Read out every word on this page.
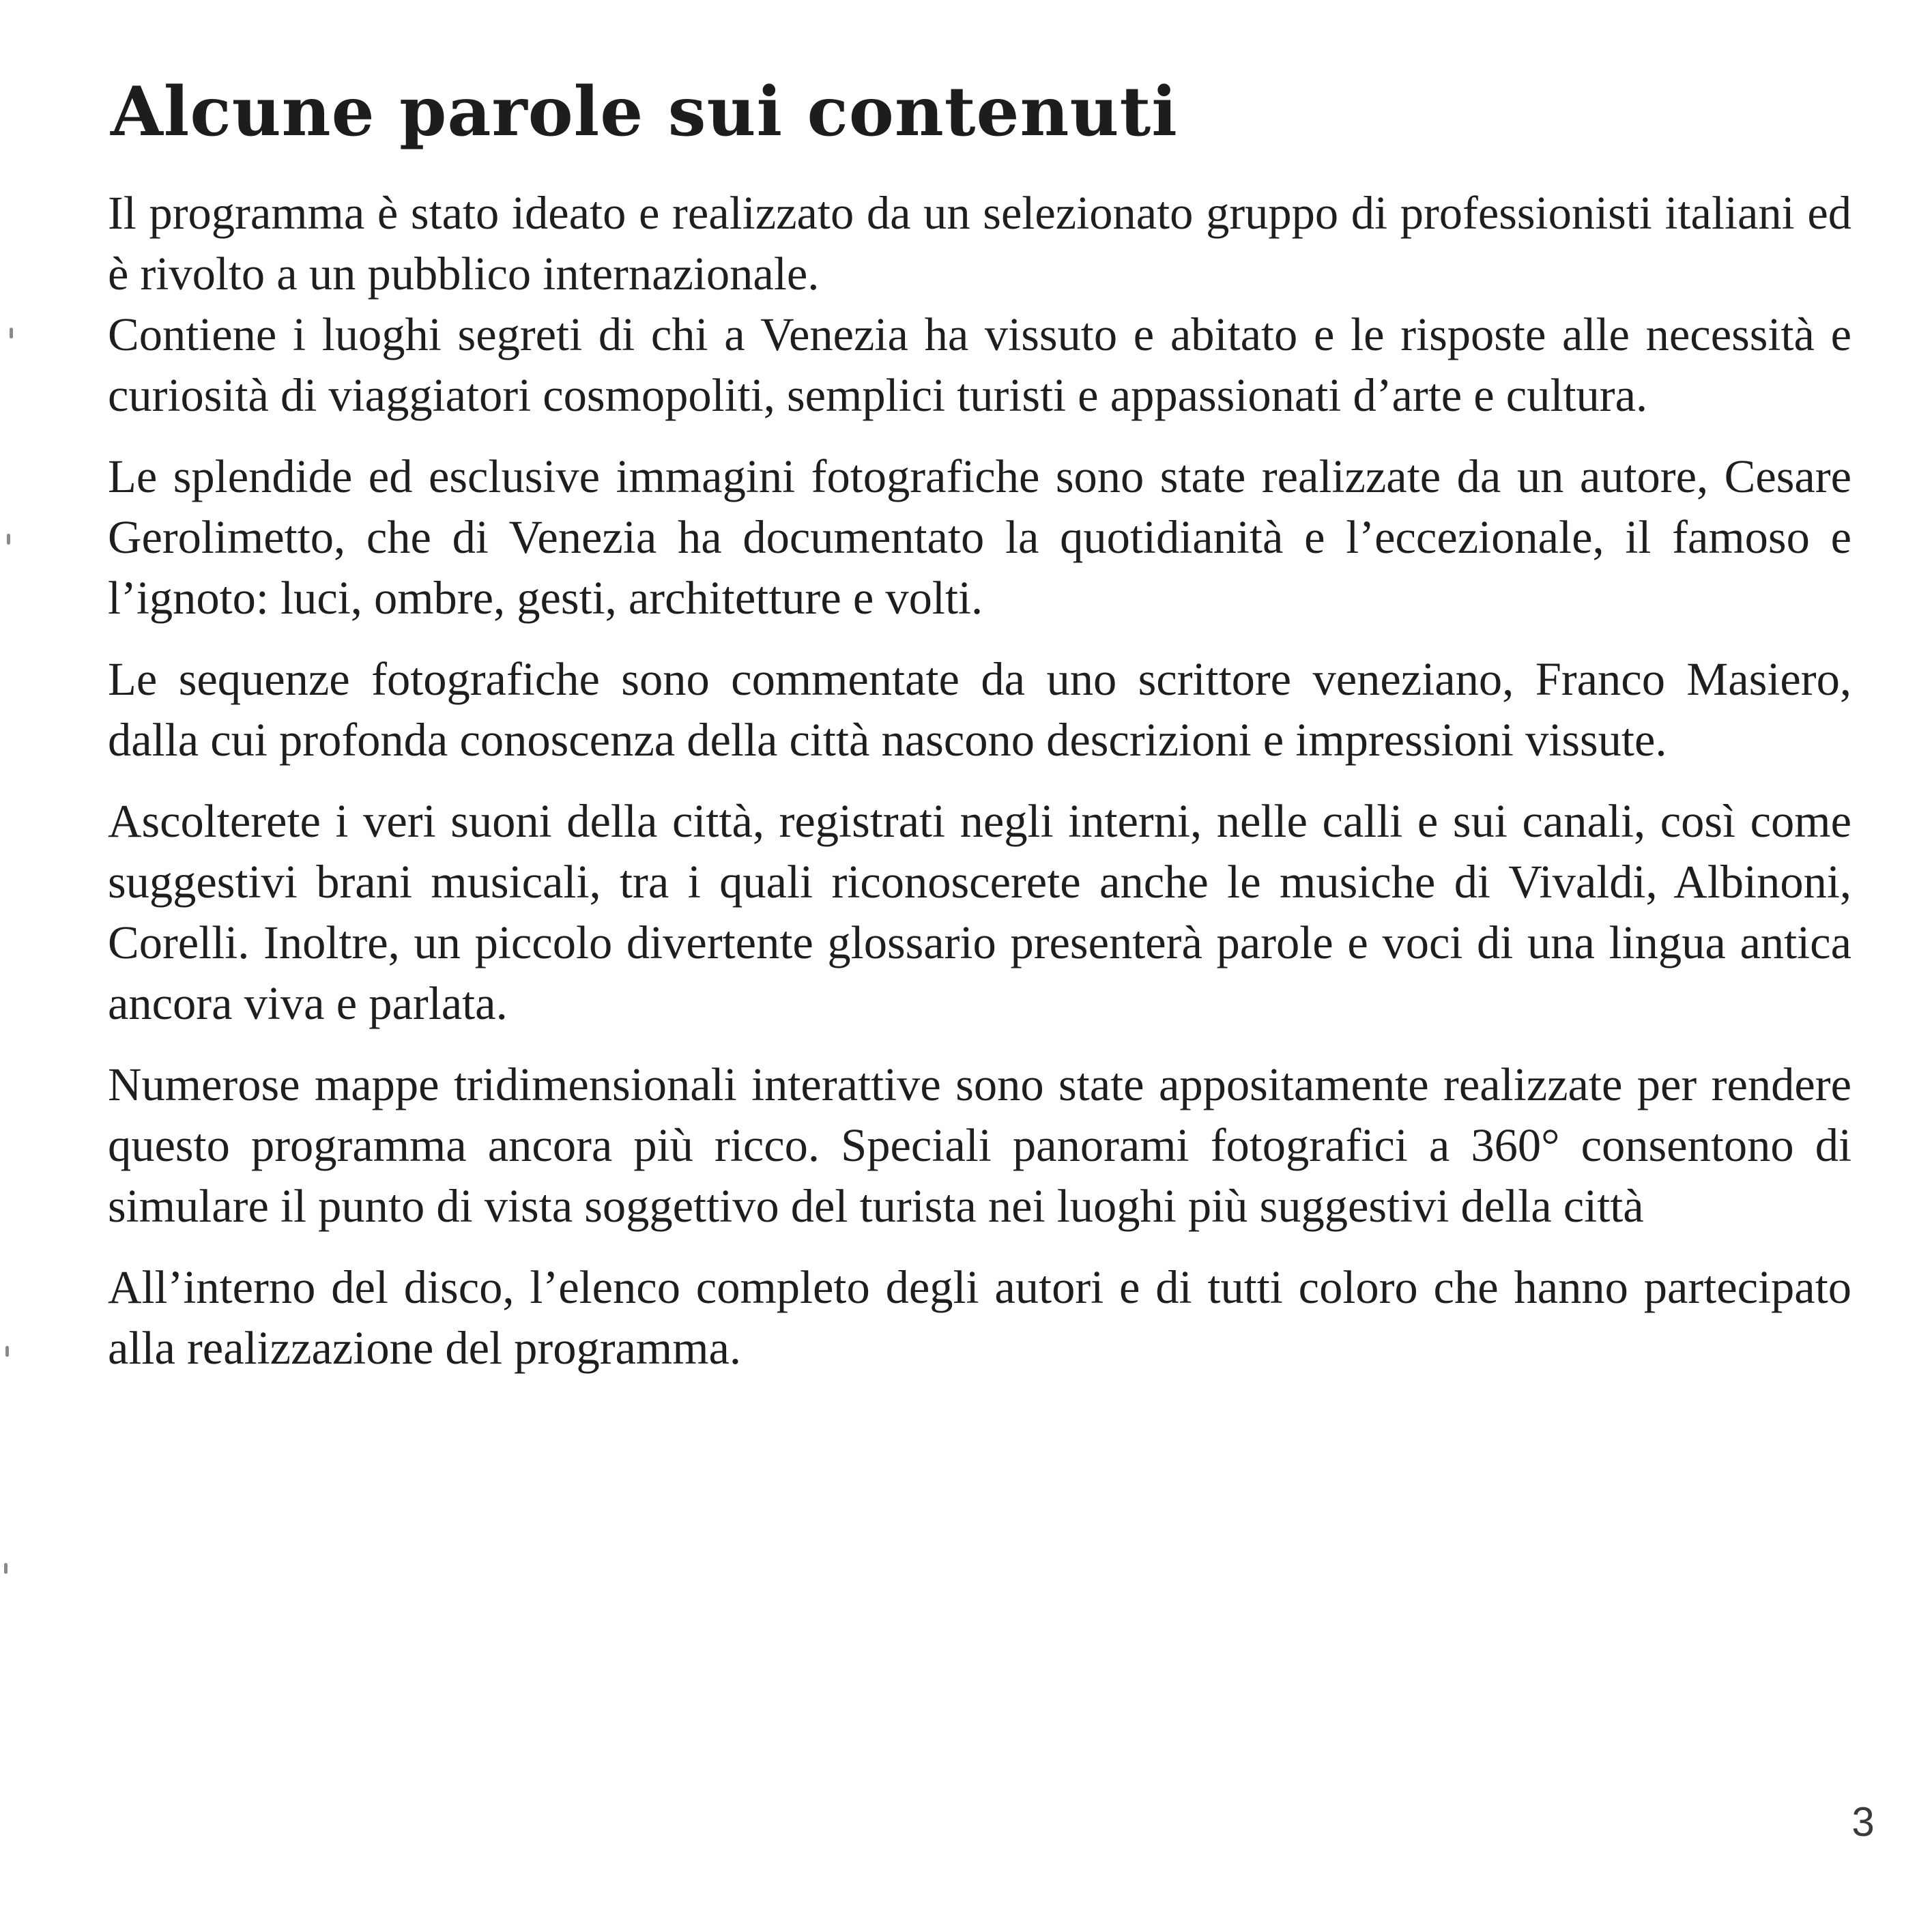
Alcune parole sui contenuti

Il programma è stato ideato e realizzato da un selezionato gruppo di professionisti italiani ed è rivolto a un pubblico internazionale.

Contiene i luoghi segreti di chi a Venezia ha vissuto e abitato e le risposte alle necessità e curiosità di viaggiatori cosmopoliti, semplici turisti e appassionati d’arte e cultura.

Le splendide ed esclusive immagini fotografiche sono state realizzate da un autore, Cesare Gerolimetto, che di Venezia ha documentato la quotidianità e l’eccezionale, il famoso e l’ignoto: luci, ombre, gesti, architetture e volti.

Le sequenze fotografiche sono commentate da uno scrittore veneziano, Franco Masiero, dalla cui profonda conoscenza della città nascono descrizioni e impressioni vissute.

Ascolterete i veri suoni della città, registrati negli interni, nelle calli e sui canali, così come suggestivi brani musicali, tra i quali riconoscerete anche le musiche di Vivaldi, Albinoni, Corelli. Inoltre, un piccolo divertente glossario presenterà parole e voci di una lingua antica ancora viva e parlata.

Numerose mappe tridimensionali interattive sono state appositamente realizzate per rendere questo programma ancora più ricco. Speciali panorami fotografici a 360° consentono di simulare il punto di vista soggettivo del turista nei luoghi più suggestivi della città

All’interno del disco, l’elenco completo degli autori e di tutti coloro che hanno partecipato alla realizzazione del programma.

3
